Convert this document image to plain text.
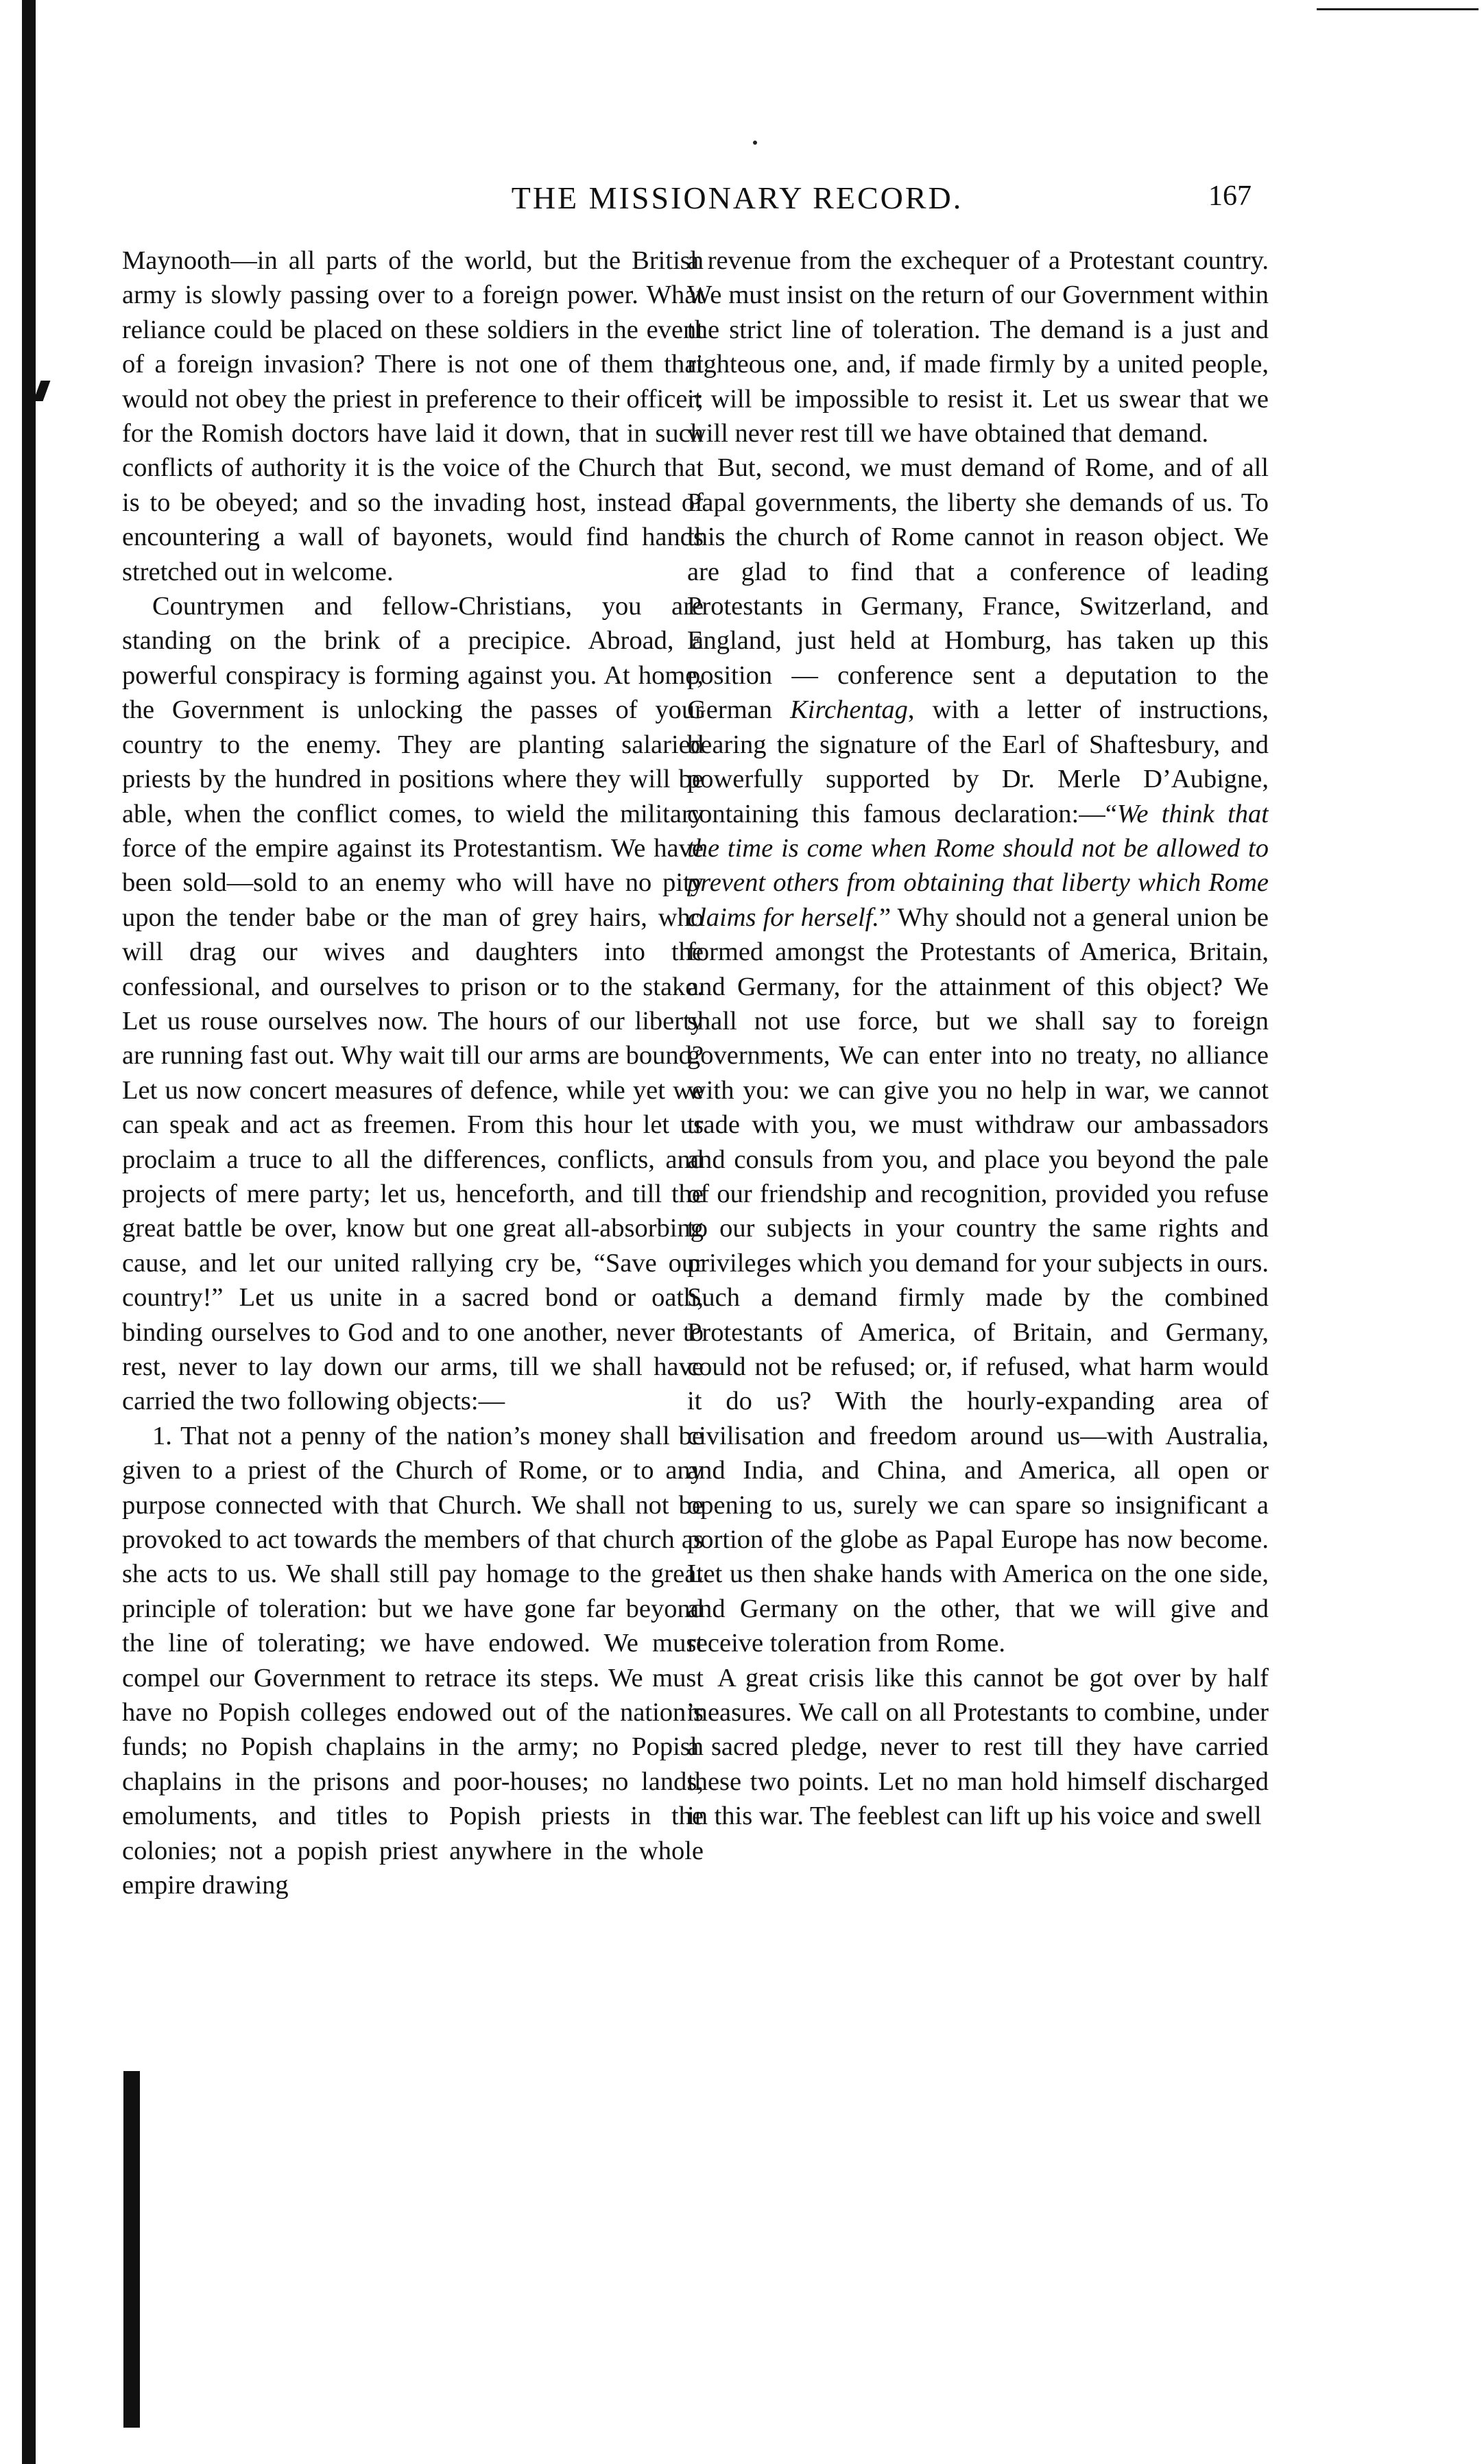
THE MISSIONARY RECORD.	167

Maynooth—in all parts of the world, but the British army is slowly passing over to a foreign power. What reliance could be placed on these soldiers in the event of a foreign invasion? There is not one of them that would not obey the priest in preference to their officer; for the Romish doctors have laid it down, that in such conflicts of authority it is the voice of the Church that is to be obeyed; and so the invading host, instead of encountering a wall of bayonets, would find hands stretched out in welcome.

Countrymen and fellow-Christians, you are standing on the brink of a precipice. Abroad, a powerful conspiracy is forming against you. At home, the Government is unlocking the passes of your country to the enemy. They are planting salaried priests by the hundred in positions where they will be able, when the conflict comes, to wield the military force of the empire against its Protestantism. We have been sold—sold to an enemy who will have no pity upon the tender babe or the man of grey hairs, who will drag our wives and daughters into the confessional, and ourselves to prison or to the stake. Let us rouse ourselves now. The hours of our liberty are running fast out. Why wait till our arms are bound? Let us now concert measures of defence, while yet we can speak and act as freemen. From this hour let us proclaim a truce to all the differences, conflicts, and projects of mere party; let us, henceforth, and till the great battle be over, know but one great all-absorbing cause, and let our united rallying cry be, “Save our country!” Let us unite in a sacred bond or oath, binding ourselves to God and to one another, never to rest, never to lay down our arms, till we shall have carried the two following objects:—

1. That not a penny of the nation’s money shall be given to a priest of the Church of Rome, or to any purpose connected with that Church. We shall not be provoked to act towards the members of that church as she acts to us. We shall still pay homage to the great principle of toleration: but we have gone far beyond the line of tolerating; we have endowed. We must compel our Government to retrace its steps. We must have no Popish colleges endowed out of the nation’s funds; no Popish chaplains in the army; no Popish chaplains in the prisons and poor-houses; no lands, emoluments, and titles to Popish priests in the colonies; not a popish priest anywhere in the whole empire drawing

a revenue from the exchequer of a Protestant country. We must insist on the return of our Government within the strict line of toleration. The demand is a just and righteous one, and, if made firmly by a united people, it will be impossible to resist it. Let us swear that we will never rest till we have obtained that demand.

But, second, we must demand of Rome, and of all Papal governments, the liberty she demands of us. To this the church of Rome cannot in reason object. We are glad to find that a conference of leading Protestants in Germany, France, Switzerland, and England, just held at Homburg, has taken up this position — conference sent a deputation to the German Kirchentag, with a letter of instructions, bearing the signature of the Earl of Shaftesbury, and powerfully supported by Dr. Merle D’Aubigne, containing this famous declaration:—“We think that the time is come when Rome should not be allowed to prevent others from obtaining that liberty which Rome claims for herself.” Why should not a general union be formed amongst the Protestants of America, Britain, and Germany, for the attainment of this object? We shall not use force, but we shall say to foreign governments, We can enter into no treaty, no alliance with you: we can give you no help in war, we cannot trade with you, we must withdraw our ambassadors and consuls from you, and place you beyond the pale of our friendship and recognition, provided you refuse to our subjects in your country the same rights and privileges which you demand for your subjects in ours. Such a demand firmly made by the combined Protestants of America, of Britain, and Germany, could not be refused; or, if refused, what harm would it do us? With the hourly-expanding area of civilisation and freedom around us—with Australia, and India, and China, and America, all open or opening to us, surely we can spare so insignificant a portion of the globe as Papal Europe has now become. Let us then shake hands with America on the one side, and Germany on the other, that we will give and receive toleration from Rome.

A great crisis like this cannot be got over by half measures. We call on all Protestants to combine, under a sacred pledge, never to rest till they have carried these two points. Let no man hold himself discharged in this war. The feeblest can lift up his voice and swell
